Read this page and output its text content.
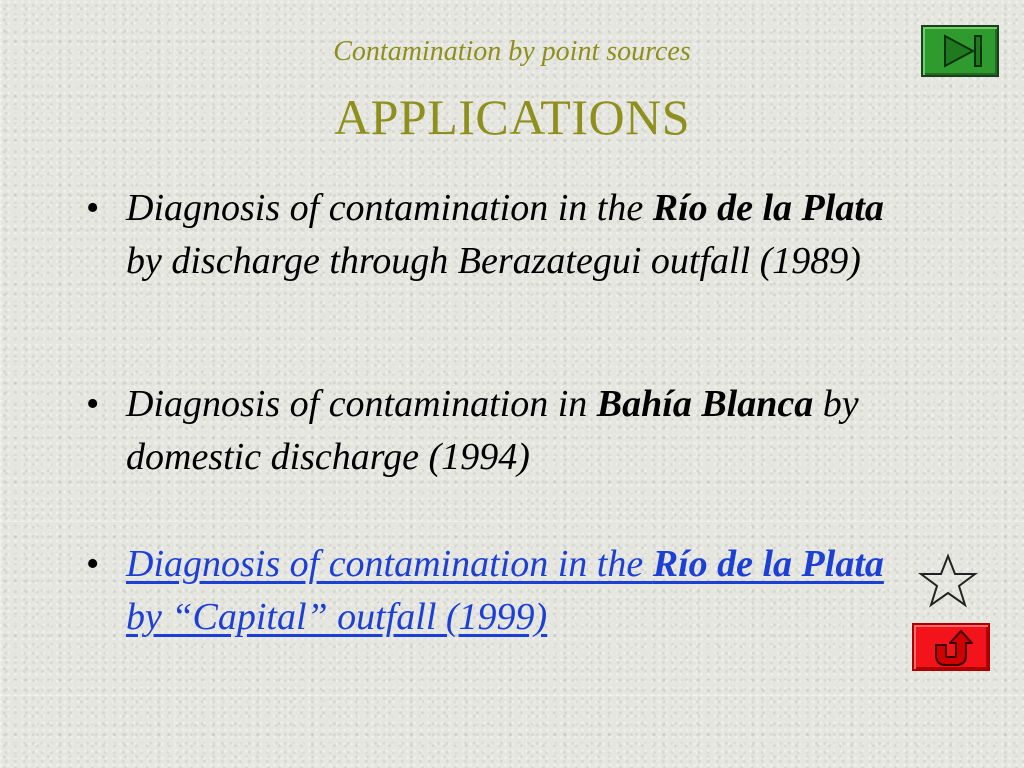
Contamination by point sources
APPLICATIONS
• Diagnosis of contamination in the Río de la Plata by discharge through Berazategui outfall (1989)
• Diagnosis of contamination in Bahía Blanca by domestic discharge (1994)
• Diagnosis of contamination in the Río de la Plata by “Capital” outfall (1999)
